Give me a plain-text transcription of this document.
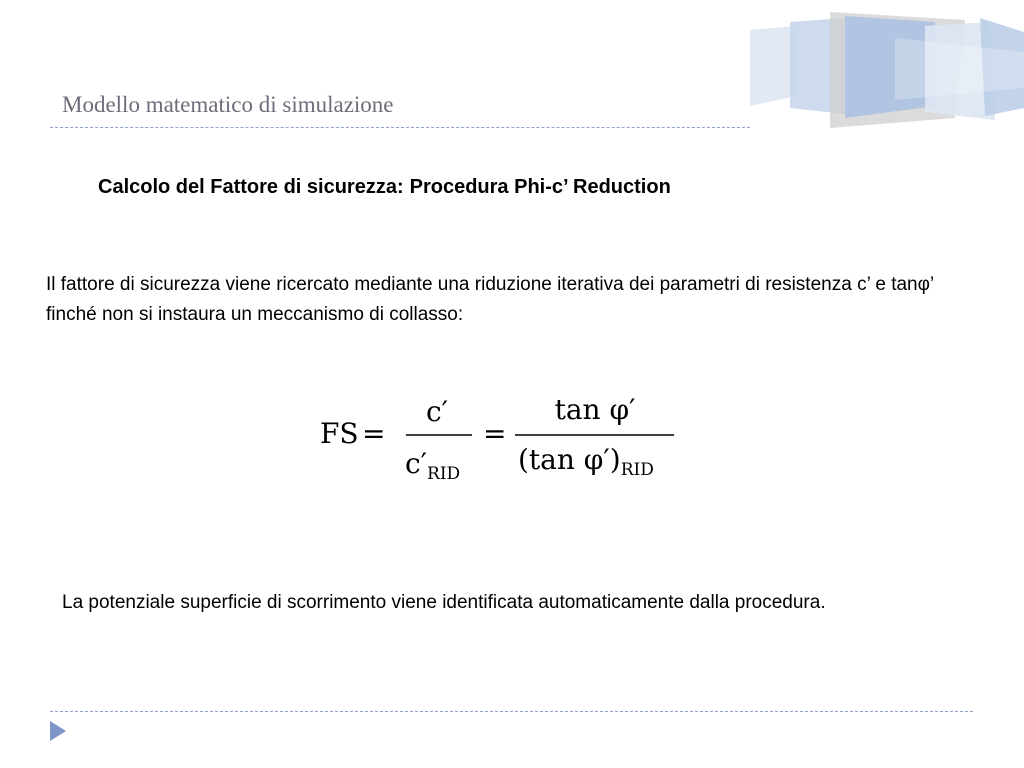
Modello matematico di simulazione
Calcolo del Fattore di sicurezza: Procedura Phi-c’ Reduction
Il fattore di sicurezza viene ricercato mediante una riduzione iterativa dei parametri di resistenza c’ e tanφ’ finché non si instaura un meccanismo di collasso:
FS =
c′
$c'_{RID}$
=
tan φ′
(tan $\varphi')_{RID}$
La potenziale superficie di scorrimento viene identificata automaticamente dalla procedura.
